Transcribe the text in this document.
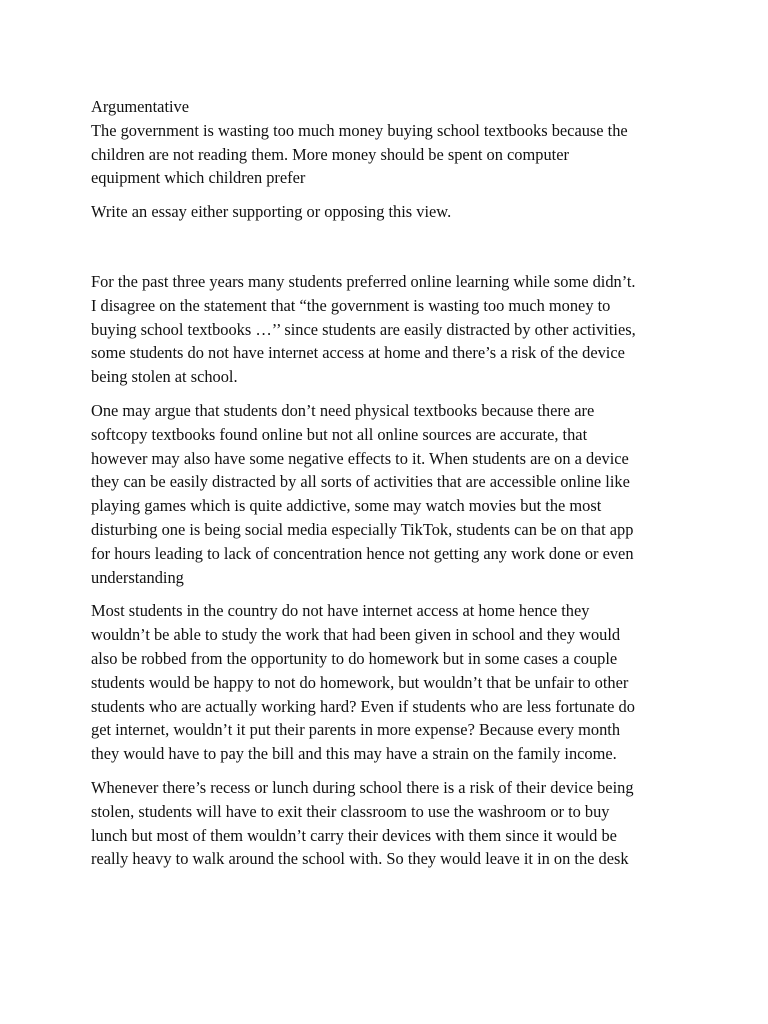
Argumentative

The government is wasting too much money buying school textbooks because the

children are not reading them. More money should be spent on computer

equipment which children prefer

Write an essay either supporting or opposing this view.

For the past three years many students preferred online learning while some didn’t.

I disagree on the statement that “the government is wasting too much money to

buying school textbooks …’’ since students are easily distracted by other activities,

some students do not have internet access at home and there’s a risk of the device

being stolen at school.

One may argue that students don’t need physical textbooks because there are

softcopy textbooks found online but not all online sources are accurate, that

however may also have some negative effects to it. When students are on a device

they can be easily distracted by all sorts of activities that are accessible online like

playing games which is quite addictive, some may watch movies but the most

disturbing one is being social media especially TikTok, students can be on that app

for hours leading to lack of concentration hence not getting any work done or even

understanding

Most students in the country do not have internet access at home hence they

wouldn’t be able to study the work that had been given in school and they would

also be robbed from the opportunity to do homework but in some cases a couple

students would be happy to not do homework, but wouldn’t that be unfair to other

students who are actually working hard? Even if students who are less fortunate do

get internet, wouldn’t it put their parents in more expense? Because every month

they would have to pay the bill and this may have a strain on the family income.

Whenever there’s recess or lunch during school there is a risk of their device being

stolen, students will have to exit their classroom to use the washroom or to buy

lunch but most of them wouldn’t carry their devices with them since it would be

really heavy to walk around the school with. So they would leave it in on the desk
